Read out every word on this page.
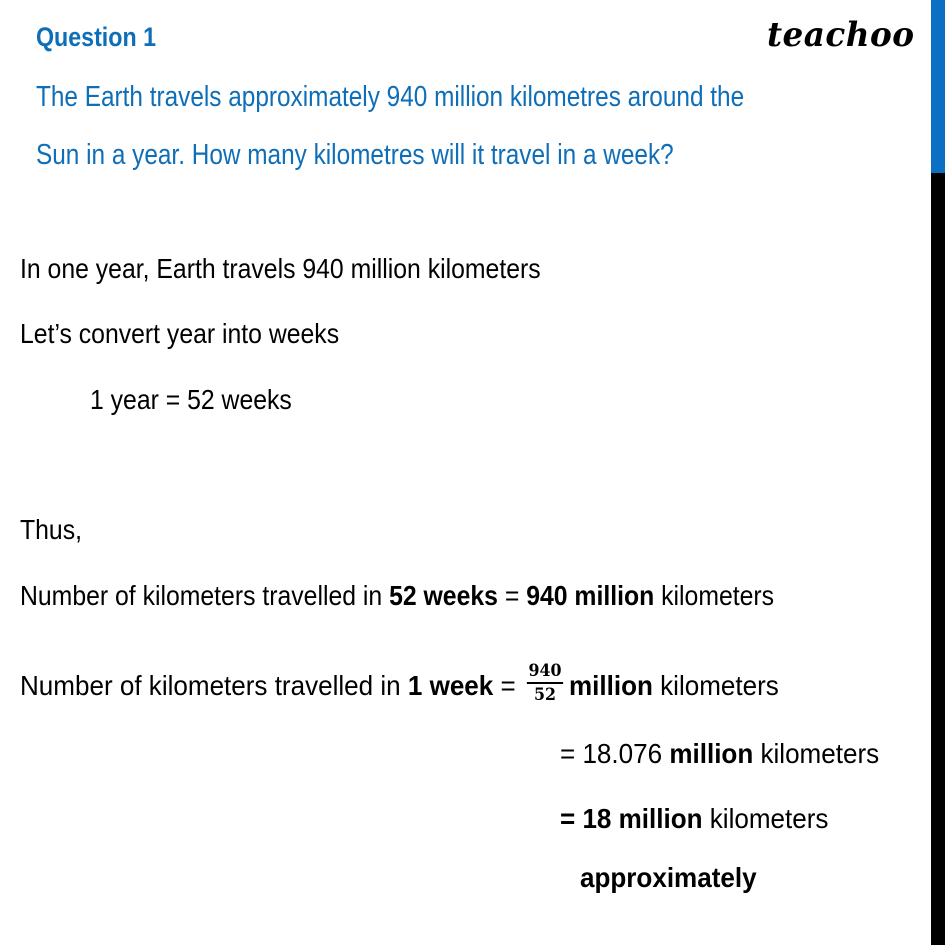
Question 1	teachoo
The Earth travels approximately 940 million kilometres around the
Sun in a year. How many kilometres will it travel in a week?
In one year, Earth travels 940 million kilometers
Let’s convert year into weeks
1 year = 52 weeks
Thus,
Number of kilometers travelled in 52 weeks = 940 million kilometers
Number of kilometers travelled in 1 week = $\frac{940}{52}$ million kilometers
= 18.076 million kilometers
= 18 million kilometers
approximately
